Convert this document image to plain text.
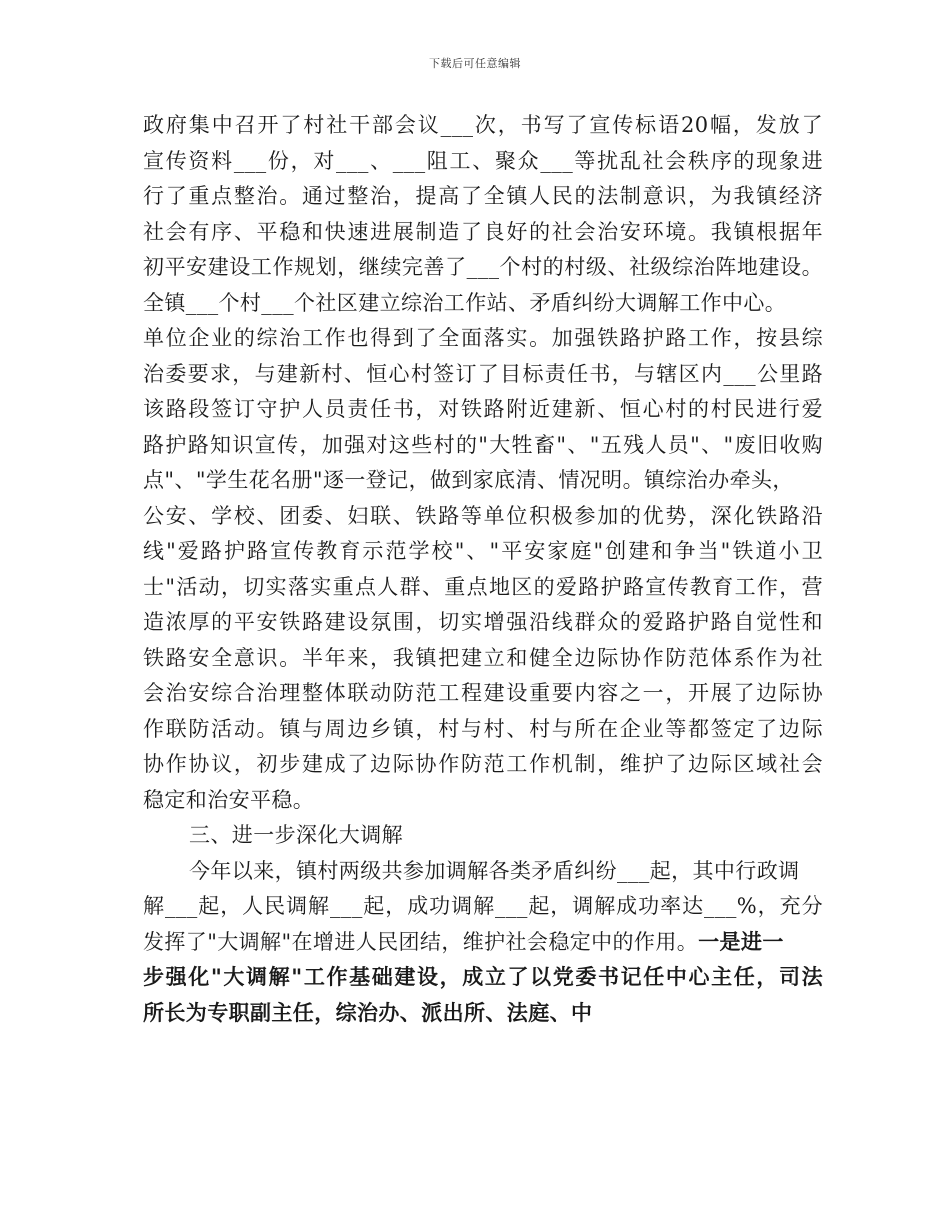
下载后可任意编辑
政府集中召开了村社干部会议___次，书写了宣传标语20幅，发放了
宣传资料___份，对___、___阻工、聚众___等扰乱社会秩序的现象进
行了重点整治。通过整治，提高了全镇人民的法制意识，为我镇经济
社会有序、平稳和快速进展制造了良好的社会治安环境。我镇根据年
初平安建设工作规划，继续完善了___个村的村级、社级综治阵地建设。
全镇___个村___个社区建立综治工作站、矛盾纠纷大调解工作中心。
单位企业的综治工作也得到了全面落实。加强铁路护路工作，按县综
治委要求，与建新村、恒心村签订了目标责任书，与辖区内___公里路
该路段签订守护人员责任书，对铁路附近建新、恒心村的村民进行爱
路护路知识宣传，加强对这些村的"大牲畜"、"五残人员"、"废旧收购
点"、"学生花名册"逐一登记，做到家底清、情况明。镇综治办牵头，
公安、学校、团委、妇联、铁路等单位积极参加的优势，深化铁路沿
线"爱路护路宣传教育示范学校"、"平安家庭"创建和争当"铁道小卫
士"活动，切实落实重点人群、重点地区的爱路护路宣传教育工作，营
造浓厚的平安铁路建设氛围，切实增强沿线群众的爱路护路自觉性和
铁路安全意识。半年来，我镇把建立和健全边际协作防范体系作为社
会治安综合治理整体联动防范工程建设重要内容之一，开展了边际协
作联防活动。镇与周边乡镇，村与村、村与所在企业等都签定了边际
协作协议，初步建成了边际协作防范工作机制，维护了边际区域社会
稳定和治安平稳。
三、进一步深化大调解
今年以来，镇村两级共参加调解各类矛盾纠纷___起，其中行政调
解___起，人民调解___起，成功调解___起，调解成功率达___%，充分
发挥了"大调解"在增进人民团结，维护社会稳定中的作用。一是进一
步强化"大调解"工作基础建设，成立了以党委书记任中心主任，司法
所长为专职副主任，综治办、派出所、法庭、中
